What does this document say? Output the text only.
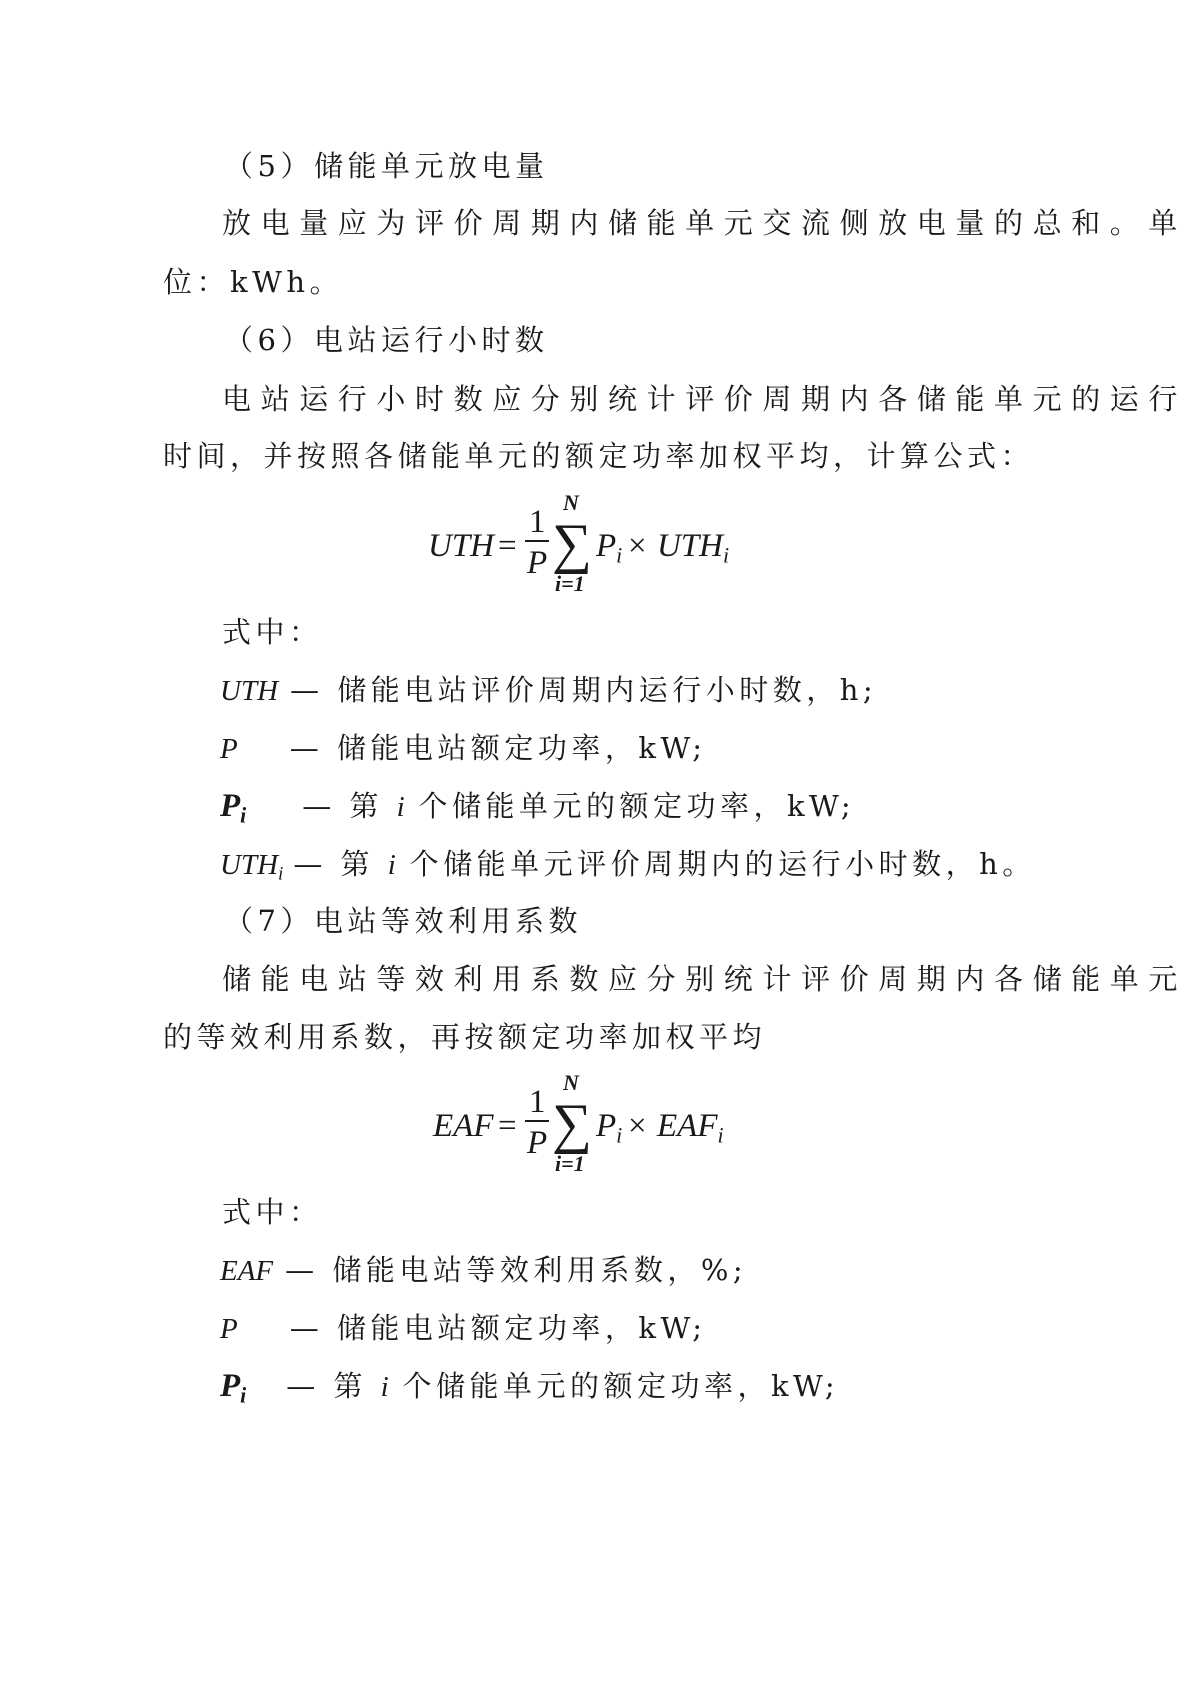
（5）储能单元放电量
放电量应为评价周期内储能单元交流侧放电量的总和。单
位：kWh。
（6）电站运行小时数
电站运行小时数应分别统计评价周期内各储能单元的运行
时间，并按照各储能单元的额定功率加权平均，计算公式：
UTH =
1
P
N
∑
i=1
$P_i \times UTH_i$
式中：
UTH — 储能电站评价周期内运行小时数，h;
P — 储能电站额定功率，kW;
$P_i$ — 第 i 个储能单元的额定功率，kW;
$UTH_i$ — 第 i 个储能单元评价周期内的运行小时数，h。
（7）电站等效利用系数
储能电站等效利用系数应分别统计评价周期内各储能单元
的等效利用系数，再按额定功率加权平均
EAF =
1
P
N
∑
i=1
$P_i \times EAF_i$
式中：
EAF — 储能电站等效利用系数，%;
P — 储能电站额定功率，kW;
$P_i$ — 第 i 个储能单元的额定功率，kW;
